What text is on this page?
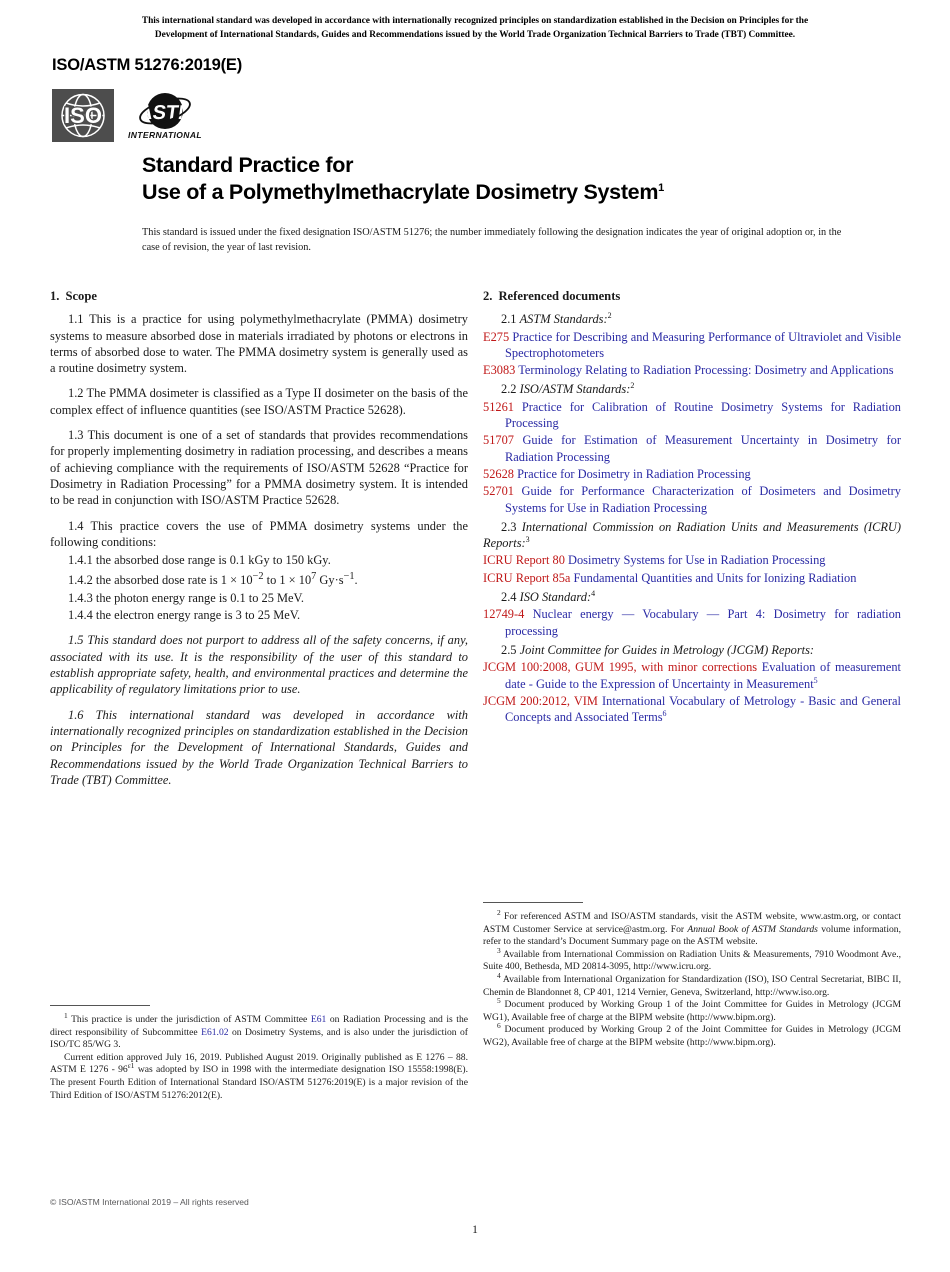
This international standard was developed in accordance with internationally recognized principles on standardization established in the Decision on Principles for the
Development of International Standards, Guides and Recommendations issued by the World Trade Organization Technical Barriers to Trade (TBT) Committee.
ISO/ASTM 51276:2019(E)
ISO ASTM
INTERNATIONAL
Standard Practice for
Use of a Polymethylmethacrylate Dosimetry System$^1$
This standard is issued under the fixed designation ISO/ASTM 51276; the number immediately following the designation indicates the year of original adoption or, in the case of revision, the year of last revision.
1. Scope

1.1 This is a practice for using polymethylmethacrylate (PMMA) dosimetry systems to measure absorbed dose in materials irradiated by photons or electrons in terms of absorbed dose to water. The PMMA dosimetry system is generally used as a routine dosimetry system.

1.2 The PMMA dosimeter is classified as a Type II dosimeter on the basis of the complex effect of influence quantities (see ISO/ASTM Practice 52628).

1.3 This document is one of a set of standards that provides recommendations for properly implementing dosimetry in radiation processing, and describes a means of achieving compliance with the requirements of ISO/ASTM 52628 “Practice for Dosimetry in Radiation Processing” for a PMMA dosimetry system. It is intended to be read in conjunction with ISO/ASTM Practice 52628.

1.4 This practice covers the use of PMMA dosimetry systems under the following conditions:

1.4.1 the absorbed dose range is 0.1 kGy to 150 kGy.

1.4.2 the absorbed dose rate is $1 \times 10^{-2}$ to $1 \times 10^7$ $Gy\cdot s^{-1}$.

1.4.3 the photon energy range is 0.1 to 25 MeV.

1.4.4 the electron energy range is 3 to 25 MeV.

1.5 This standard does not purport to address all of the safety concerns, if any, associated with its use. It is the responsibility of the user of this standard to establish appropriate safety, health, and environmental practices and determine the applicability of regulatory limitations prior to use.

1.6 This international standard was developed in accordance with internationally recognized principles on standardization established in the Decision on Principles for the Development of International Standards, Guides and Recommendations issued by the World Trade Organization Technical Barriers to Trade (TBT) Committee.

2. Referenced documents

2.1 ASTM Standards:$^2$

E275 Practice for Describing and Measuring Performance of Ultraviolet and Visible Spectrophotometers

E3083 Terminology Relating to Radiation Processing: Dosimetry and Applications

2.2 ISO/ASTM Standards:$^2$

51261 Practice for Calibration of Routine Dosimetry Systems for Radiation Processing

51707 Guide for Estimation of Measurement Uncertainty in Dosimetry for Radiation Processing

52628 Practice for Dosimetry in Radiation Processing

52701 Guide for Performance Characterization of Dosimeters and Dosimetry Systems for Use in Radiation Processing

2.3 International Commission on Radiation Units and Measurements (ICRU) Reports:$^3$

ICRU Report 80 Dosimetry Systems for Use in Radiation Processing

ICRU Report 85a Fundamental Quantities and Units for Ionizing Radiation

2.4 ISO Standard:$^4$

12749-4 Nuclear energy — Vocabulary — Part 4: Dosimetry for radiation processing

2.5 Joint Committee for Guides in Metrology (JCGM) Reports:

JCGM 100:2008, GUM 1995, with minor corrections Evaluation of measurement date - Guide to the Expression of Uncertainty in Measurement$^5$

JCGM 200:2012, VIM International Vocabulary of Metrology - Basic and General Concepts and Associated Terms$^6$

$^1$ This practice is under the jurisdiction of ASTM Committee E61 on Radiation Processing and is the direct responsibility of Subcommittee E61.02 on Dosimetry Systems, and is also under the jurisdiction of ISO/TC 85/WG 3.

Current edition approved July 16, 2019. Published August 2019. Originally published as E 1276 – 88. ASTM E $1276 - 96^{\varepsilon 1}$ was adopted by ISO in 1998 with the intermediate designation ISO 15558:1998(E). The present Fourth Edition of International Standard ISO/ASTM 51276:2019(E) is a major revision of the Third Edition of ISO/ASTM 51276:2012(E).

$^2$ For referenced ASTM and ISO/ASTM standards, visit the ASTM website, www.astm.org, or contact ASTM Customer Service at service@astm.org. For Annual Book of ASTM Standards volume information, refer to the standard’s Document Summary page on the ASTM website.

$^3$ Available from International Commission on Radiation Units & Measurements, 7910 Woodmont Ave., Suite 400, Bethesda, MD 20814-3095, http://www.icru.org.

$^4$ Available from International Organization for Standardization (ISO), ISO Central Secretariat, BIBC II, Chemin de Blandonnet 8, CP 401, 1214 Vernier, Geneva, Switzerland, http://www.iso.org.

$^5$ Document produced by Working Group 1 of the Joint Committee for Guides in Metrology (JCGM WG1), Available free of charge at the BIPM website (http://www.bipm.org).

$^6$ Document produced by Working Group 2 of the Joint Committee for Guides in Metrology (JCGM WG2), Available free of charge at the BIPM website (http://www.bipm.org).

© ISO/ASTM International 2019 – All rights reserved
1
